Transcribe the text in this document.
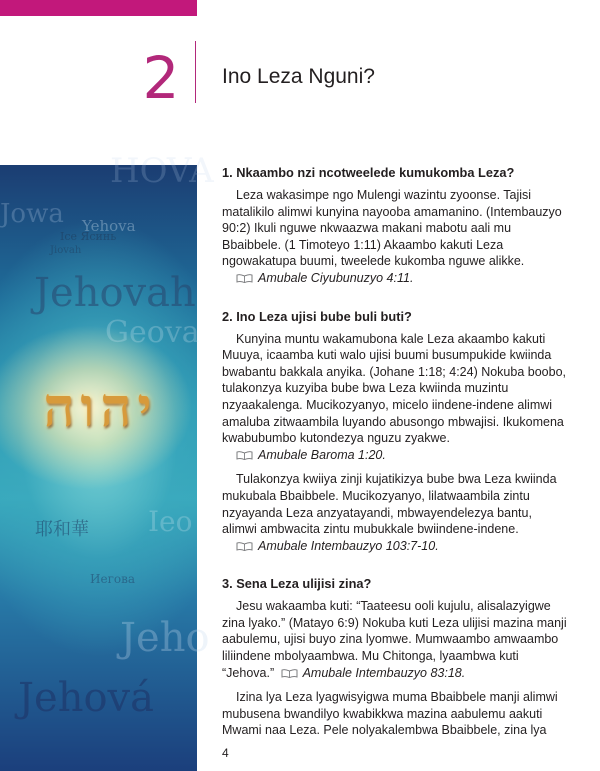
2 Ino Leza Nguni?
HOVA
Jowa Yehova
Ісе Ясинь
Jiovah
Jehovah
Geova
יהוה
Ieo
耶和華
Иегова
Jeho
Jehová
1. Nkaambo nzi ncotweelede kumukomba Leza?

Leza wakasimpe ngo Mulengi wazintu zyoonse. Tajisi matalikilo alimwi kunyina nayooba amamanino. (Intembauzyo 90:2) Ikuli nguwe nkwaazwa makani mabotu aali mu Bbaibbele. (1 Timoteyo 1:11) Akaambo kakuti Leza ngowakatupa buumi, tweelede kukomba nguwe alikke.
Amubale Ciyubunuzyo 4:11.

2. Ino Leza ujisi bube buli buti?

Kunyina muntu wakamubona kale Leza akaambo kakuti Muuya, icaamba kuti walo ujisi buumi busumpukide kwiinda bwabantu bakkala anyika. (Johane 1:18; 4:24) Nokuba boobo, tulakonzya kuzyiba bube bwa Leza kwiinda muzintu nzyaakalenga. Mucikozyanyo, micelo iindene-indene alimwi amaluba zitwaambila luyando abusongo mbwajisi. Ikukomena kwabubumbo kutondezya nguzu zyakwe.
Amubale Baroma 1:20.

Tulakonzya kwiiya zinji kujatikizya bube bwa Leza kwiinda mukubala Bbaibbele. Mucikozyanyo, lilatwaambila zintu nzyayanda Leza anzyatayandi, mbwayendelezya bantu, alimwi ambwacita zintu mubukkale bwiindene-indene.
Amubale Intembauzyo 103:7-10.

3. Sena Leza ulijisi zina?

Jesu wakaamba kuti: “Taateesu ooli kujulu, alisalazyigwe zina lyako.” (Matayo 6:9) Nokuba kuti Leza ulijisi mazina manji aabulemu, ujisi buyo zina lyomwe. Mumwaambo amwaambo liliindene mbolyaambwa. Mu Chitonga, lyaambwa kuti “Jehova.” Amubale Intembauzyo 83:18.

Izina lya Leza lyagwisyigwa muma Bbaibbele manji alimwi mubusena bwandilyo kwabikkwa mazina aabulemu aakuti Mwami naa Leza. Pele nolyakalembwa Bbaibbele, zina lya

4
